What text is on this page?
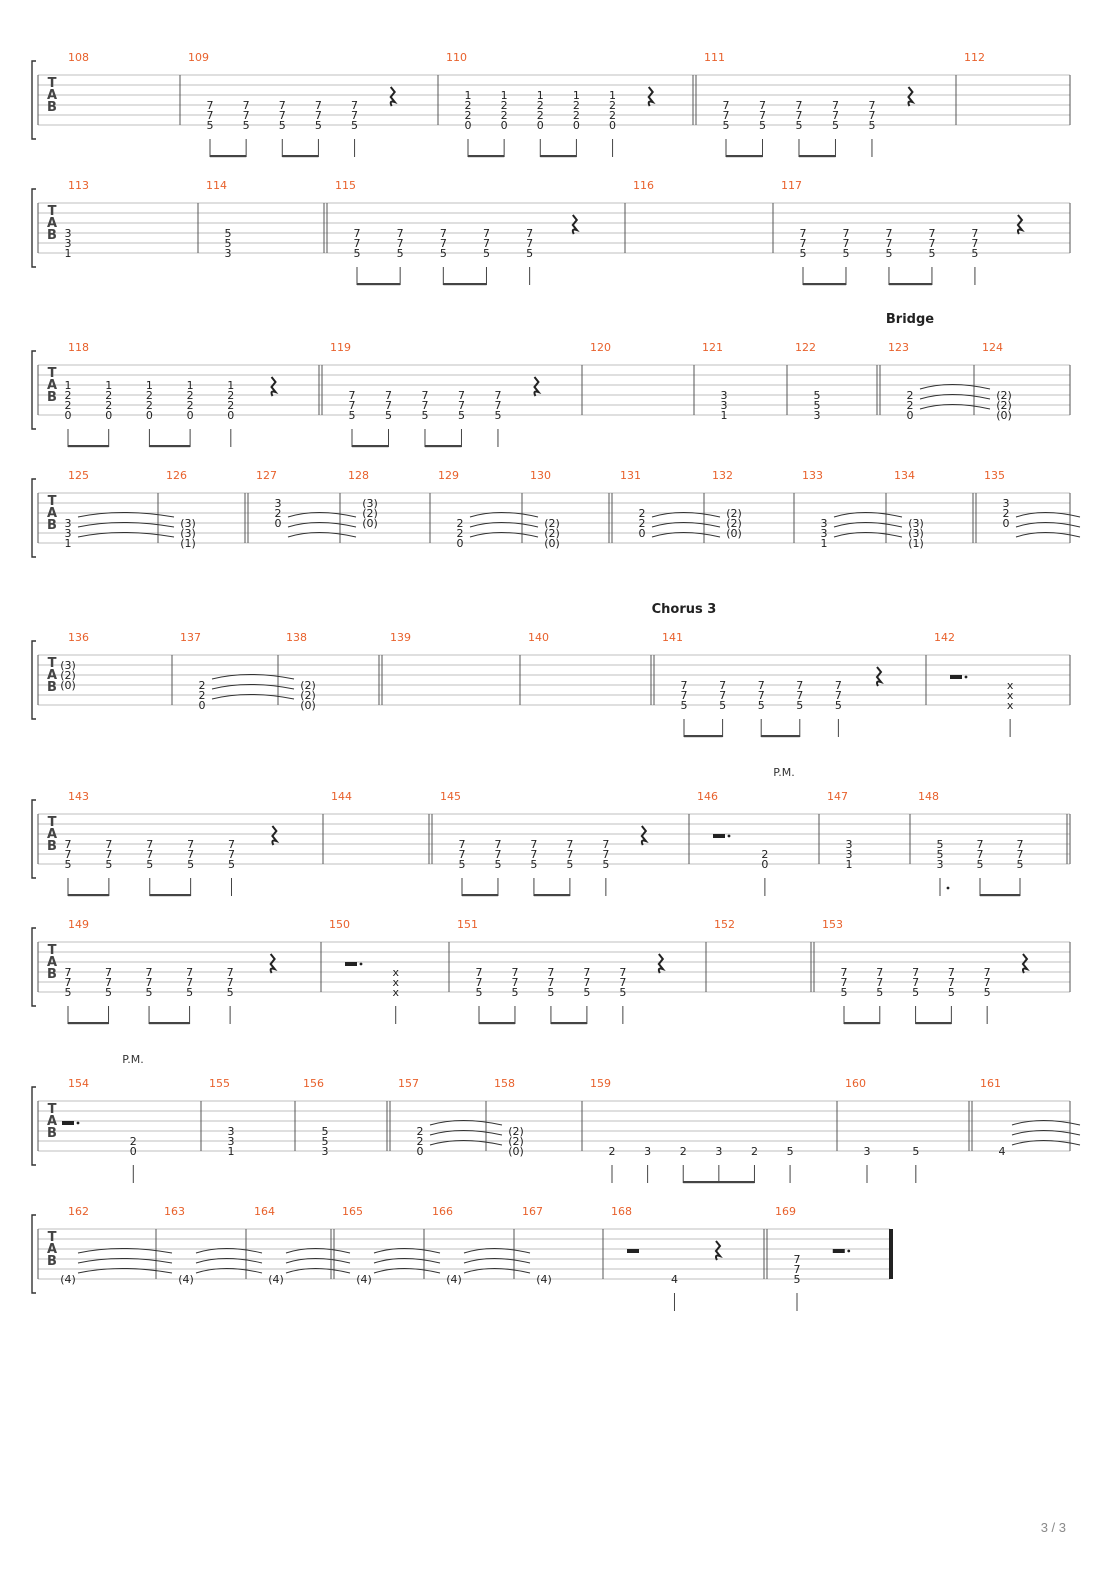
T
A
B
108	109
7
7
5
7
7
5
7
7
5
7
7
5
7
7
5
110
1
2
2
0
1
2
2
0
1
2
2
0
1
2
2
0
1
2
2
0
111
7
7
5
7
7
5
7
7
5
7
7
5
7
7
5
112
T
A
B
113
3
3
1
114
5
5
3
115
7
7
5
7
7
5
7
7
5
7
7
5
7
7
5
116	117
7
7
5
7
7
5
7
7
5
7
7
5
7
7
5
T
A
B
Bridge
118
1
2
2
0
1
2
2
0
1
2
2
0
1
2
2
0
1
2
2
0
119
7
7
5
7
7
5
7
7
5
7
7
5
7
7
5
120	121
3
3
1
122
5
5
3
123
2
2
0
124
(2)
(2)
(0)
T
A
B
125
3
3
1
126
(3)
(3)
(1)
127
3
2
0
128
(3)
(2)
(0)
129
2
2
0
130
(2)
(2)
(0)
131
2
2
0
132
(2)
(2)
(0)
133
3
3
1
134
(3)
(3)
(1)
135
3
2
0
T
A
B
Chorus 3
136
(3)
(2)
(0)
137
2
2
0
138
(2)
(2)
(0)
139	140	141
7
7
5
7
7
5
7
7
5
7
7
5
7
7
5
142
x
x
x
T
A
B
P.M.
143
7
7
5
7
7
5
7
7
5
7
7
5
7
7
5
144	145
7
7
5
7
7
5
7
7
5
7
7
5
7
7
5
146
2
0
147
3
3
1
148
5
5
3
7
7
5
7
7
5
T
A
B
149
7
7
5
7
7
5
7
7
5
7
7
5
7
7
5
150
x
x
x
151
7
7
5
7
7
5
7
7
5
7
7
5
7
7
5
152	153
7
7
5
7
7
5
7
7
5
7
7
5
7
7
5
T
A
B
P.M.
154
2
0
155
3
3
1
156
5
5
3
157
2
2
0
158
(2)
(2)
(0)
159
2	3	2	3	2	5
160
3	5
161
4
T
A
B
162
(4)
163
(4)
164
(4)
165
(4)
166
(4)
167
(4)
168
4
169
7
7
5
3 / 3
